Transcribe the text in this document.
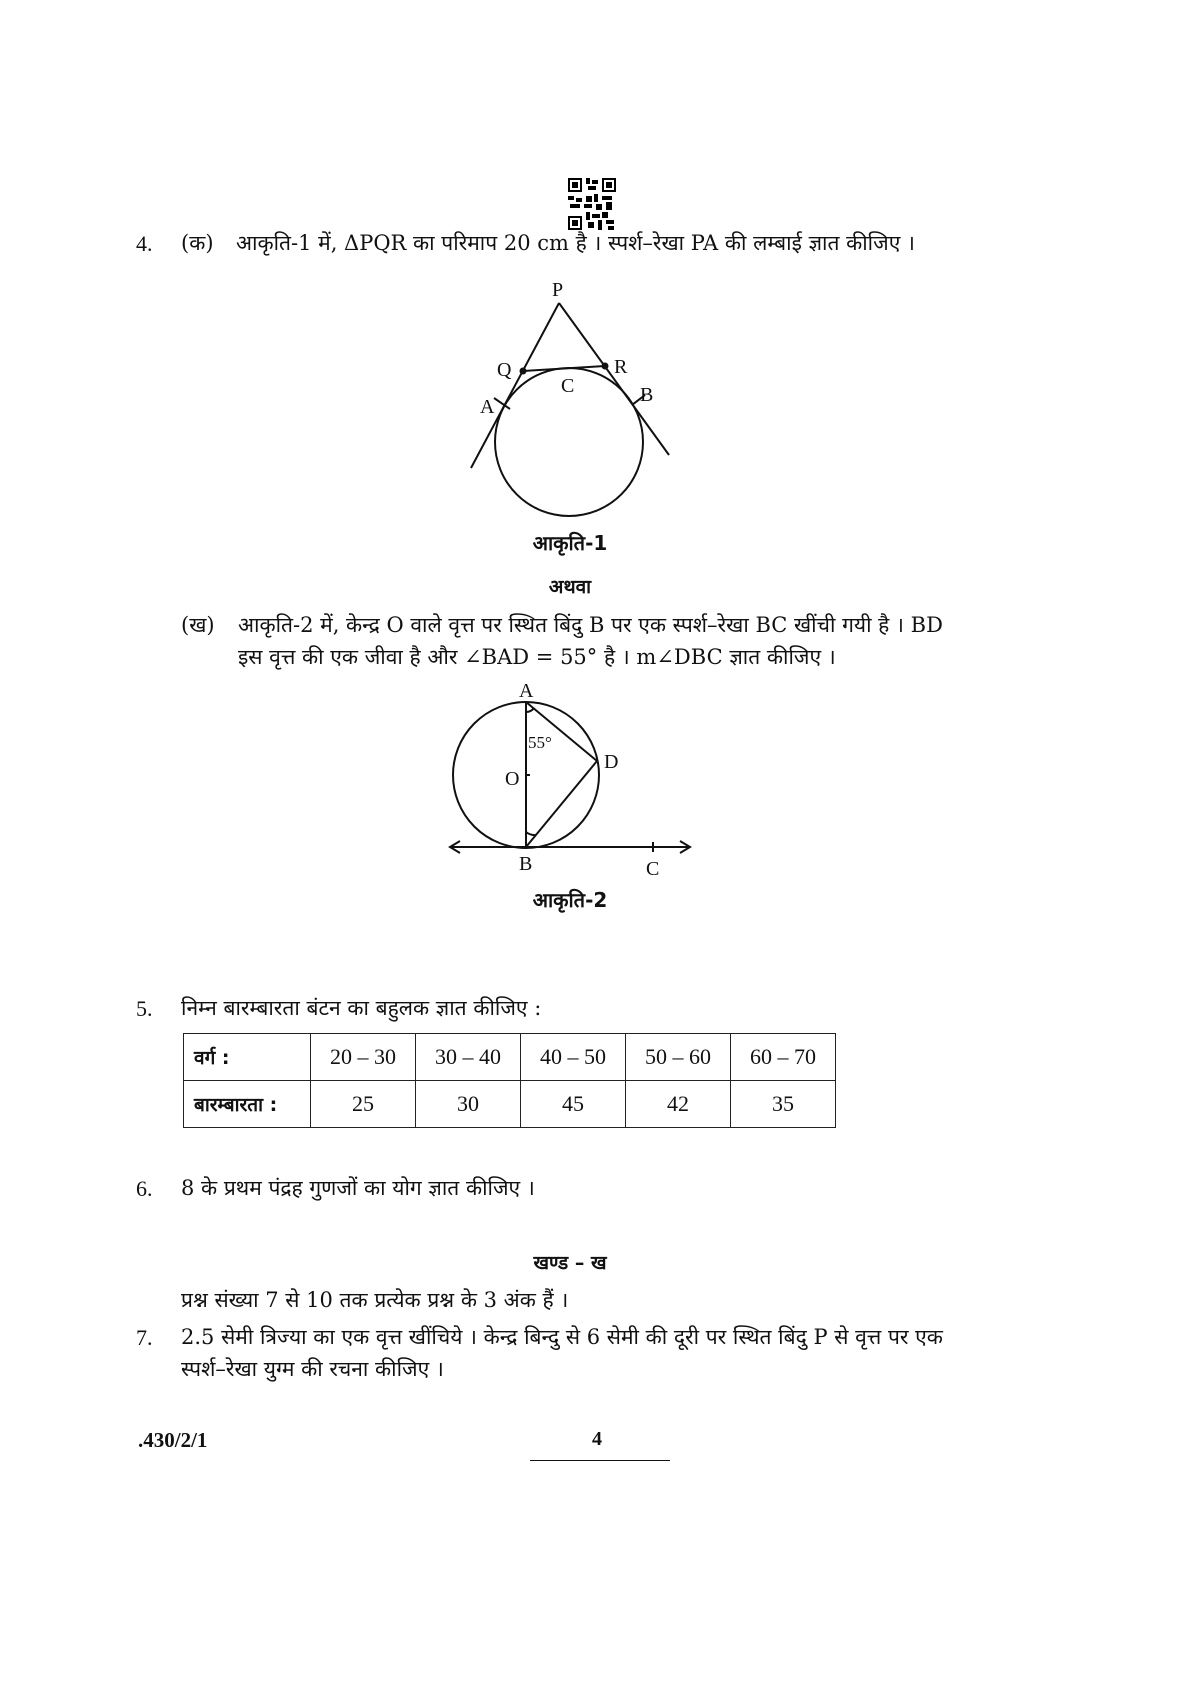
4. (क) आकृति-1 में, ΔPQR का परिमाप 20 cm है । स्पर्श–रेखा PA की लम्बाई ज्ञात कीजिए ।
P
Q	R
C
A
B
A
55°
O
D
B	C
आकृति-1
अथवा
(ख) आकृति-2 में, केन्द्र O वाले वृत्त पर स्थित बिंदु B पर एक स्पर्श–रेखा BC खींची गयी है । BD
इस वृत्त की एक जीवा है और ∠BAD = 55° है । m∠DBC ज्ञात कीजिए ।
आकृति-2
5. निम्न बारम्बारता बंटन का बहुलक ज्ञात कीजिए :
वर्ग :	20 – 30	30 – 40	40 – 50	50 – 60	60 – 70
बारम्बारता :	25	30	45	42	35
6. 8 के प्रथम पंद्रह गुणजों का योग ज्ञात कीजिए ।
खण्ड – ख
प्रश्न संख्या 7 से 10 तक प्रत्येक प्रश्न के 3 अंक हैं ।
7. 2.5 सेमी त्रिज्या का एक वृत्त खींचिये । केन्द्र बिन्दु से 6 सेमी की दूरी पर स्थित बिंदु P से वृत्त पर एक
स्पर्श–रेखा युग्म की रचना कीजिए ।
.430/2/1	4
